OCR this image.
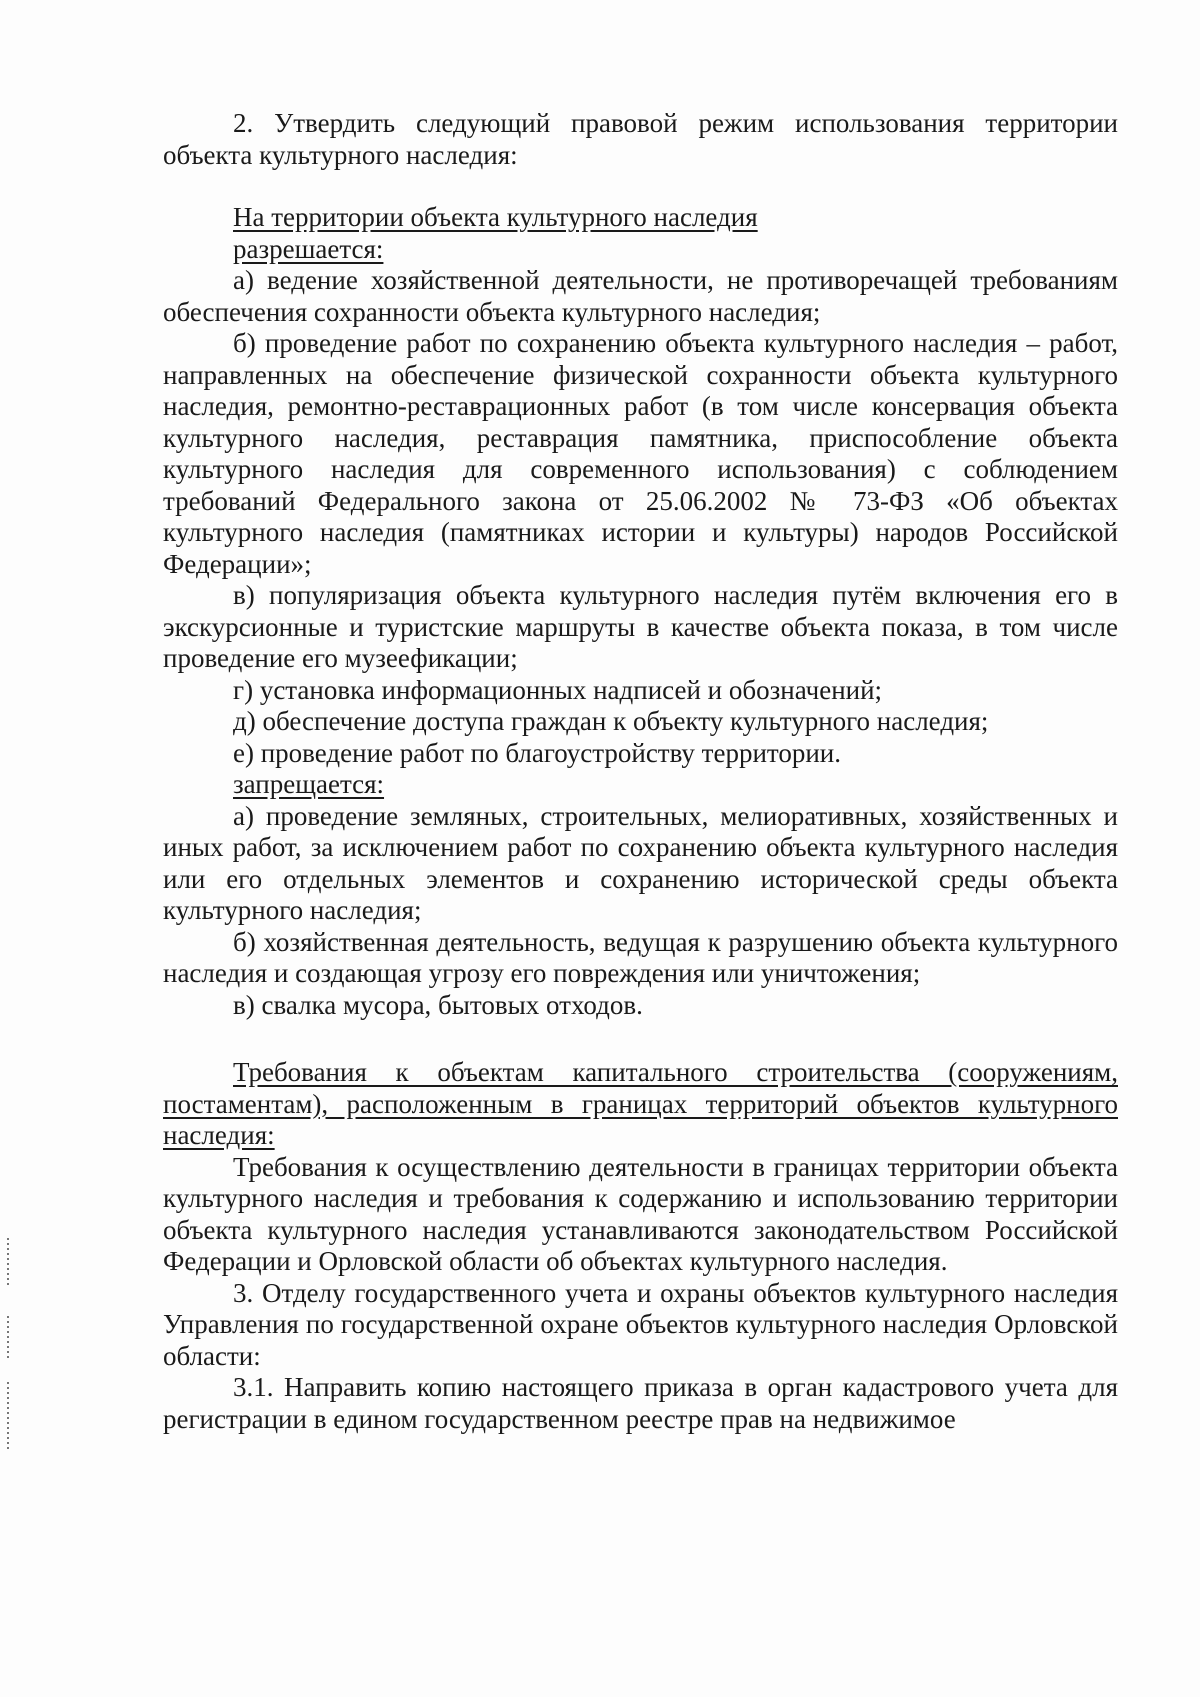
2. Утвердить следующий правовой режим использования территории объекта культурного наследия:

На территории объекта культурного наследия
разрешается:

а) ведение хозяйственной деятельности, не противоречащей требованиям обеспечения сохранности объекта культурного наследия;

б) проведение работ по сохранению объекта культурного наследия – работ, направленных на обеспечение физической сохранности объекта культурного наследия, ремонтно-реставрационных работ (в том числе консервация объекта культурного наследия, реставрация памятника, приспособление объекта культурного наследия для современного использования) с соблюдением требований Федерального закона от 25.06.2002 № 73-ФЗ «Об объектах культурного наследия (памятниках истории и культуры) народов Российской Федерации»;

в) популяризация объекта культурного наследия путём включения его в экскурсионные и туристские маршруты в качестве объекта показа, в том числе проведение его музеефикации;

г) установка информационных надписей и обозначений;

д) обеспечение доступа граждан к объекту культурного наследия;

е) проведение работ по благоустройству территории.

запрещается:

а) проведение земляных, строительных, мелиоративных, хозяйственных и иных работ, за исключением работ по сохранению объекта культурного наследия или его отдельных элементов и сохранению исторической среды объекта культурного наследия;

б) хозяйственная деятельность, ведущая к разрушению объекта культурного наследия и создающая угрозу его повреждения или уничтожения;

в) свалка мусора, бытовых отходов.

Требования к объектам капитального строительства (сооружениям, постаментам), расположенным в границах территорий объектов культурного наследия:

Требования к осуществлению деятельности в границах территории объекта культурного наследия и требования к содержанию и использованию территории объекта культурного наследия устанавливаются законодательством Российской Федерации и Орловской области об объектах культурного наследия.

3. Отделу государственного учета и охраны объектов культурного наследия Управления по государственной охране объектов культурного наследия Орловской области:

3.1. Направить копию настоящего приказа в орган кадастрового учета для регистрации в едином государственном реестре прав на недвижимое
